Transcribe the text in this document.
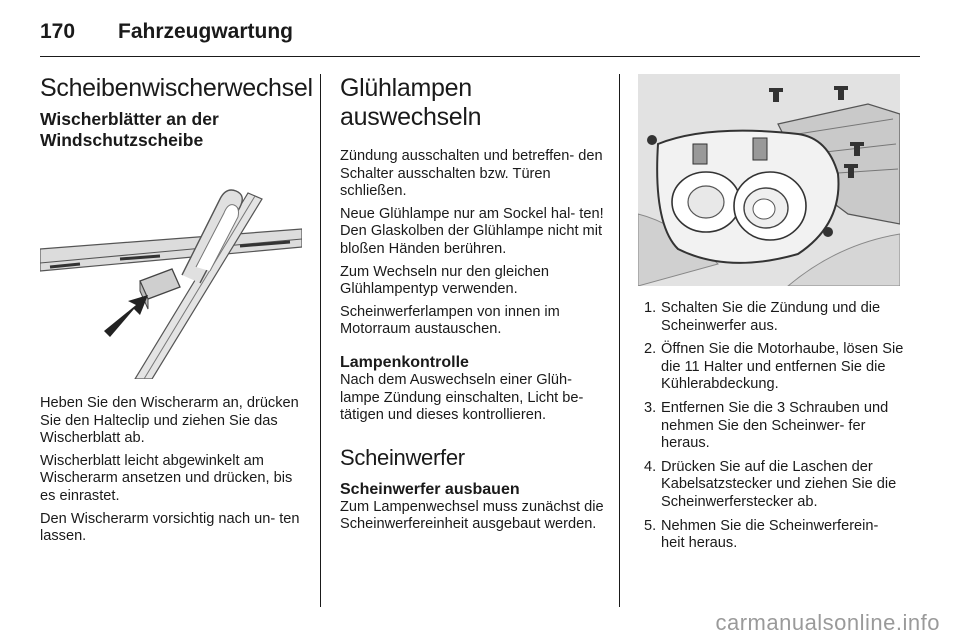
170 Fahrzeugwartung
Scheibenwischerwechsel
Wischerblätter an der
Windschutzscheibe

Heben Sie den Wischerarm an, drücken Sie den Halteclip und ziehen Sie das Wischerblatt ab.

Wischerblatt leicht abgewinkelt am Wischerarm ansetzen und drücken, bis es einrastet.

Den Wischerarm vorsichtig nach un- ten lassen.

Glühlampen
auswechseln

Zündung ausschalten und betreffen- den Schalter ausschalten bzw. Türen schließen.

Neue Glühlampe nur am Sockel hal- ten! Den Glaskolben der Glühlampe nicht mit bloßen Händen berühren.

Zum Wechseln nur den gleichen Glühlampentyp verwenden.

Scheinwerferlampen von innen im Motorraum austauschen.

Lampenkontrolle

Nach dem Auswechseln einer Glüh- lampe Zündung einschalten, Licht be- tätigen und dieses kontrollieren.

Scheinwerfer
Scheinwerfer ausbauen

Zum Lampenwechsel muss zunächst die Scheinwerfereinheit ausgebaut werden.

1. Schalten Sie die Zündung und die Scheinwerfer aus.
2. Öffnen Sie die Motorhaube, lösen Sie die 11 Halter und entfernen Sie die Kühlerabdeckung.
3. Entfernen Sie die 3 Schrauben und nehmen Sie den Scheinwer- fer heraus.
4. Drücken Sie auf die Laschen der Kabelsatzstecker und ziehen Sie die Scheinwerferstecker ab.
5. Nehmen Sie die Scheinwerferein- heit heraus.
carmanualsonline.info
